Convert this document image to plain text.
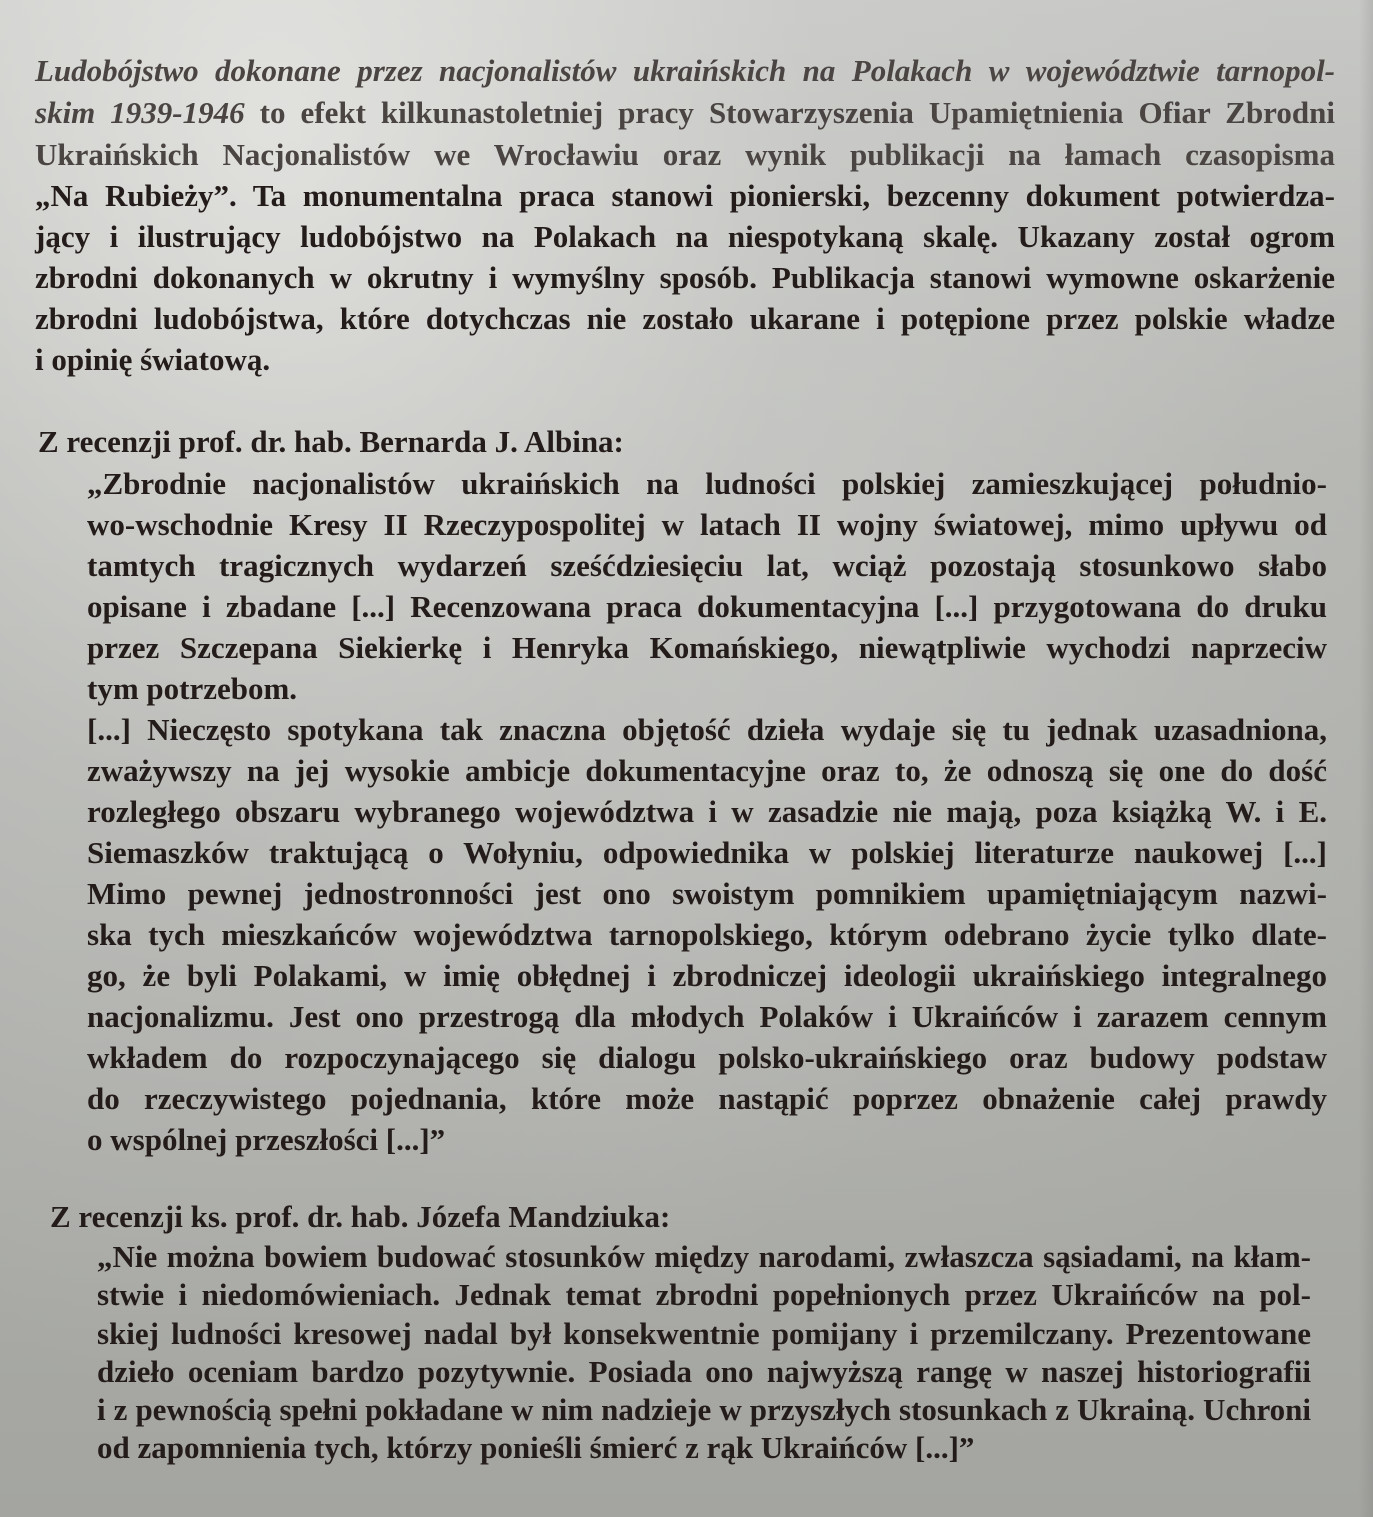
Ludobójstwo dokonane przez nacjonalistów ukraińskich na Polakach w województwie tarnopol-
skim 1939-1946 to efekt kilkunastoletniej pracy Stowarzyszenia Upamiętnienia Ofiar Zbrodni
Ukraińskich Nacjonalistów we Wrocławiu oraz wynik publikacji na łamach czasopisma
„Na Rubieży”. Ta monumentalna praca stanowi pionierski, bezcenny dokument potwierdza-
jący i ilustrujący ludobójstwo na Polakach na niespotykaną skalę. Ukazany został ogrom
zbrodni dokonanych w okrutny i wymyślny sposób. Publikacja stanowi wymowne oskarżenie
zbrodni ludobójstwa, które dotychczas nie zostało ukarane i potępione przez polskie władze
i opinię światową.
Z recenzji prof. dr. hab. Bernarda J. Albina:
„Zbrodnie nacjonalistów ukraińskich na ludności polskiej zamieszkującej południo-
wo-wschodnie Kresy II Rzeczypospolitej w latach II wojny światowej, mimo upływu od
tamtych tragicznych wydarzeń sześćdziesięciu lat, wciąż pozostają stosunkowo słabo
opisane i zbadane [...] Recenzowana praca dokumentacyjna [...] przygotowana do druku
przez Szczepana Siekierkę i Henryka Komańskiego, niewątpliwie wychodzi naprzeciw
tym potrzebom.
[...] Nieczęsto spotykana tak znaczna objętość dzieła wydaje się tu jednak uzasadniona,
zważywszy na jej wysokie ambicje dokumentacyjne oraz to, że odnoszą się one do dość
rozległego obszaru wybranego województwa i w zasadzie nie mają, poza książką W. i E.
Siemaszków traktującą o Wołyniu, odpowiednika w polskiej literaturze naukowej [...]
Mimo pewnej jednostronności jest ono swoistym pomnikiem upamiętniającym nazwi-
ska tych mieszkańców województwa tarnopolskiego, którym odebrano życie tylko dlate-
go, że byli Polakami, w imię obłędnej i zbrodniczej ideologii ukraińskiego integralnego
nacjonalizmu. Jest ono przestrogą dla młodych Polaków i Ukraińców i zarazem cennym
wkładem do rozpoczynającego się dialogu polsko-ukraińskiego oraz budowy podstaw
do rzeczywistego pojednania, które może nastąpić poprzez obnażenie całej prawdy
o wspólnej przeszłości [...]”
Z recenzji ks. prof. dr. hab. Józefa Mandziuka:
„Nie można bowiem budować stosunków między narodami, zwłaszcza sąsiadami, na kłam-
stwie i niedomówieniach. Jednak temat zbrodni popełnionych przez Ukraińców na pol-
skiej ludności kresowej nadal był konsekwentnie pomijany i przemilczany. Prezentowane
dzieło oceniam bardzo pozytywnie. Posiada ono najwyższą rangę w naszej historiografii
i z pewnością spełni pokładane w nim nadzieje w przyszłych stosunkach z Ukrainą. Uchroni
od zapomnienia tych, którzy ponieśli śmierć z rąk Ukraińców [...]”
